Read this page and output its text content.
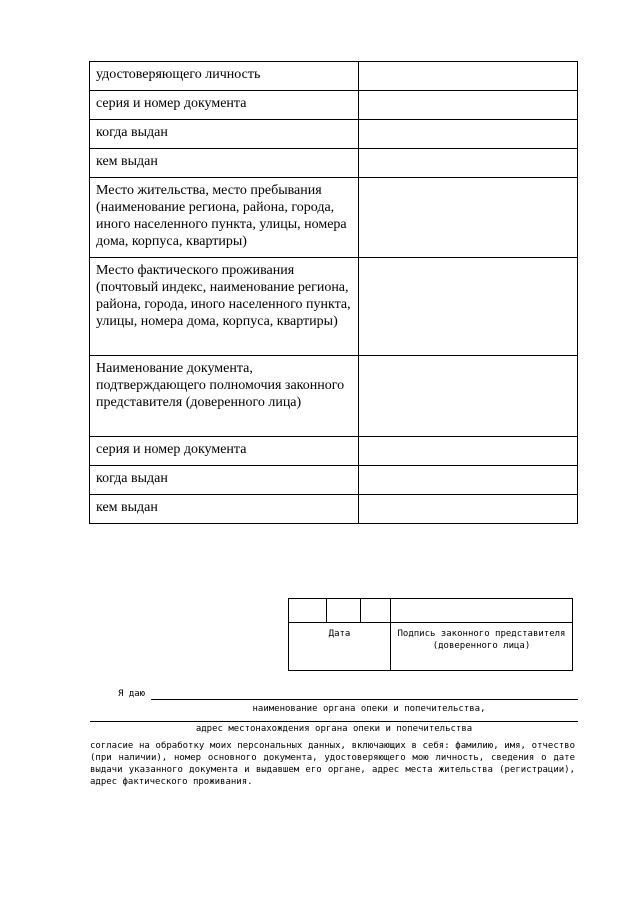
удостоверяющего личность	
серия и номер документа	
когда выдан	
кем выдан	
Место жительства, место пребывания (наименование региона, района, города, иного населенного пункта, улицы, номера дома, корпуса, квартиры)	
Место фактического проживания (почтовый индекс, наименование региона, района, города, иного населенного пункта, улицы, номера дома, корпуса, квартиры)	
Наименование документа, подтверждающего полномочия законного представителя (доверенного лица)	
серия и номер документа	
когда выдан	
кем выдан	

Дата			Подпись законного представителя (доверенного лица)
Я даю
наименование органа опеки и попечительства,
адрес местонахождения органа опеки и попечительства
согласие на обработку моих персональных данных, включающих в себя: фамилию, имя, отчество (при наличии), номер основного документа, удостоверяющего мою личность, сведения о дате выдачи указанного документа и выдавшем его органе, адрес места жительства (регистрации), адрес фактического проживания.
